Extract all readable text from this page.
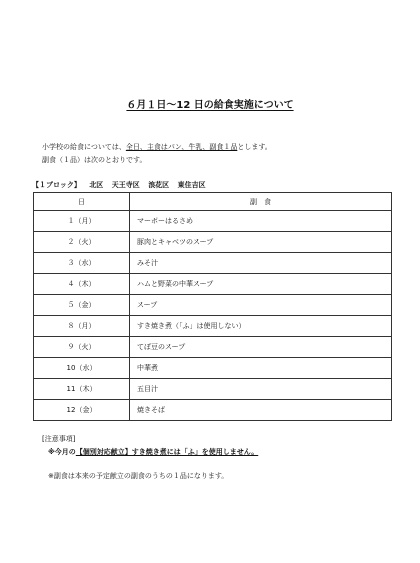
６月１日～12 日の給食実施について

小学校の給食については、全日、主食はパン、牛乳、副食１品とします。

副食（１品）は次のとおりです。

【１ブロック】 北区 天王寺区 浪花区 東住吉区
日	副　食
１（月）	マーボーはるさめ
２（火）	豚肉とキャベツのスープ
３（水）	みそ汁
４（木）	ハムと野菜の中華スープ
５（金）	スープ
８（月）	すき焼き煮（「ふ」は使用しない）
９（火）	てぼ豆のスープ
10（水）	中華煮
11（木）	五目汁
12（金）	焼きそば

[注意事項]

※今月の【個別対応献立】すき焼き煮には「ふ」を使用しません。

※副食は本来の予定献立の副食のうちの１品になります。
